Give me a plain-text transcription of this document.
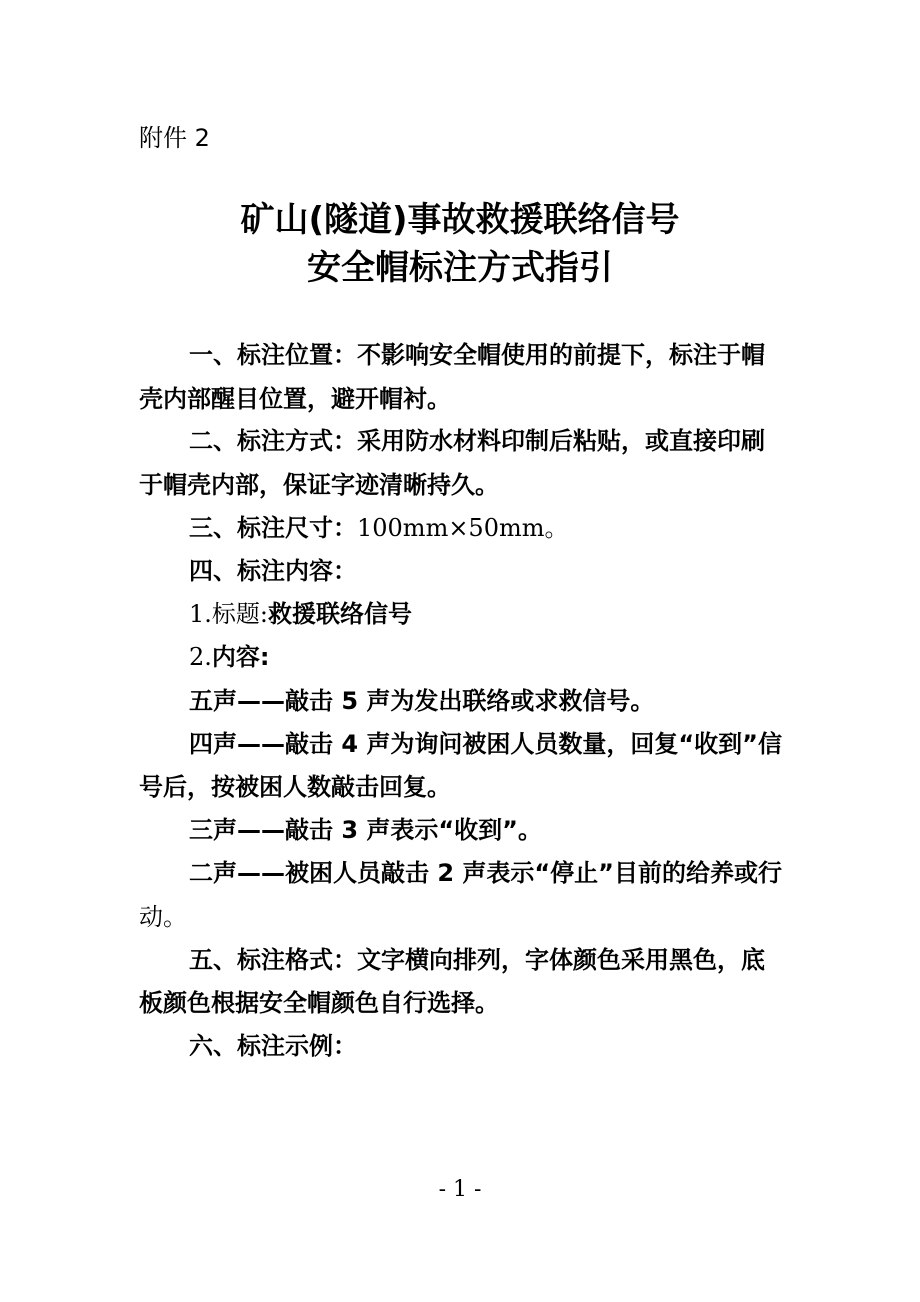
附件 2
矿山(隧道)事故救援联络信号
安全帽标注方式指引

一、标注位置：不影响安全帽使用的前提下，标注于帽

壳内部醒目位置，避开帽衬。

二、标注方式：采用防水材料印制后粘贴，或直接印刷

于帽壳内部，保证字迹清晰持久。

三、标注尺寸：100mm×50mm。

四、标注内容：

1.标题:救援联络信号

2.内容:

五声——敲击 5 声为发出联络或求救信号。

四声——敲击 4 声为询问被困人员数量，回复“收到”信

号后，按被困人数敲击回复。

三声——敲击 3 声表示“收到”。

二声——被困人员敲击 2 声表示“停止”目前的给养或行

动。

五、标注格式：文字横向排列，字体颜色采用黑色，底

板颜色根据安全帽颜色自行选择。

六、标注示例：

- 1 -
